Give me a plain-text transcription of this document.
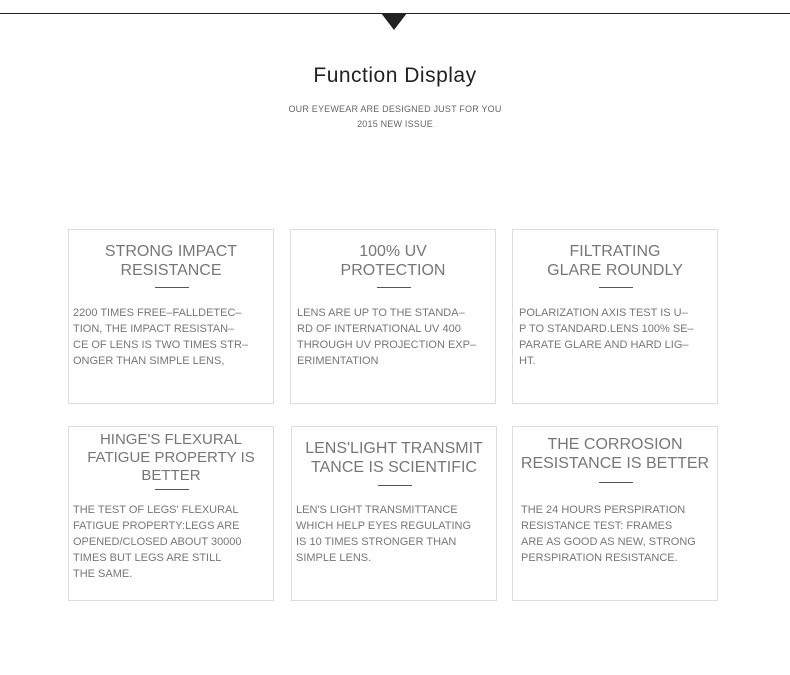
Function Display
OUR EYEWEAR ARE DESIGNED JUST FOR YOU
2015 NEW ISSUE
STRONG IMPACT
RESISTANCE
2200 TIMES FREE–FALLDETEC–
TION, THE IMPACT RESISTAN–
CE OF LENS IS TWO TIMES STR–
ONGER THAN SIMPLE LENS,
100% UV
PROTECTION
LENS ARE UP TO THE STANDA–
RD OF INTERNATIONAL UV 400
THROUGH UV PROJECTION EXP–
ERIMENTATION
FILTRATING
GLARE ROUNDLY
POLARIZATION AXIS TEST IS U–
P TO STANDARD.LENS 100% SE–
PARATE GLARE AND HARD LIG–
HT.
HINGE'S FLEXURAL
FATIGUE PROPERTY IS
BETTER
THE TEST OF LEGS' FLEXURAL
FATIGUE PROPERTY:LEGS ARE
OPENED/CLOSED ABOUT 30000
TIMES BUT LEGS ARE STILL
THE SAME.
LENS'LIGHT TRANSMIT
TANCE IS SCIENTIFIC
LEN'S LIGHT TRANSMITTANCE
WHICH HELP EYES REGULATING
IS 10 TIMES STRONGER THAN
SIMPLE LENS.
THE CORROSION
RESISTANCE IS BETTER
THE 24 HOURS PERSPIRATION
RESISTANCE TEST: FRAMES
ARE AS GOOD AS NEW, STRONG
PERSPIRATION RESISTANCE.
